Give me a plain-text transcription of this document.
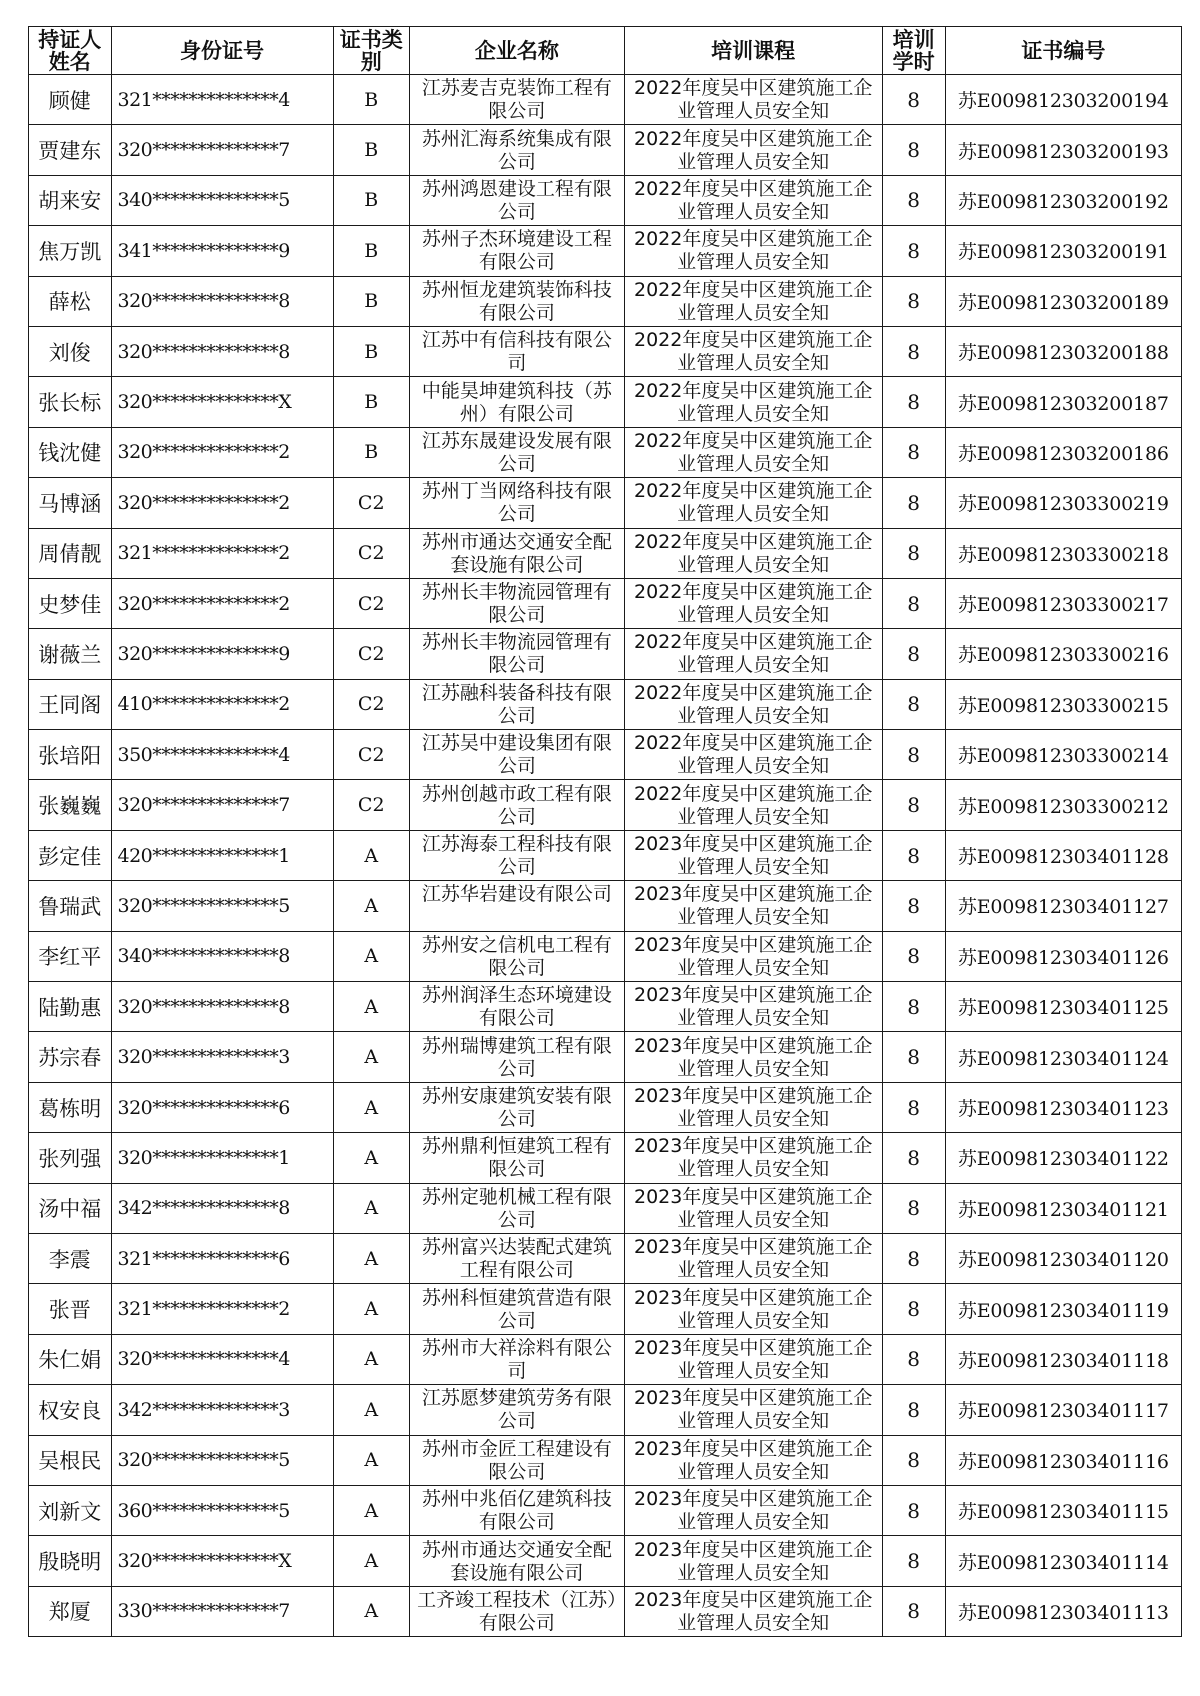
持证人姓名	身份证号	证书类别	企业名称	培训课程	培训学时	证书编号
顾健	321**************4	B	江苏麦吉克装饰工程有限公司	2022年度吴中区建筑施工企业管理人员安全知	8	苏E009812303200194
贾建东	320**************7	B	苏州汇海系统集成有限公司	2022年度吴中区建筑施工企业管理人员安全知	8	苏E009812303200193
胡来安	340**************5	B	苏州鸿恩建设工程有限公司	2022年度吴中区建筑施工企业管理人员安全知	8	苏E009812303200192
焦万凯	341**************9	B	苏州子杰环境建设工程有限公司	2022年度吴中区建筑施工企业管理人员安全知	8	苏E009812303200191
薛松	320**************8	B	苏州恒龙建筑装饰科技有限公司	2022年度吴中区建筑施工企业管理人员安全知	8	苏E009812303200189
刘俊	320**************8	B	江苏中有信科技有限公司	2022年度吴中区建筑施工企业管理人员安全知	8	苏E009812303200188
张长标	320**************X	B	中能昊坤建筑科技（苏州）有限公司	2022年度吴中区建筑施工企业管理人员安全知	8	苏E009812303200187
钱沈健	320**************2	B	江苏东晟建设发展有限公司	2022年度吴中区建筑施工企业管理人员安全知	8	苏E009812303200186
马博涵	320**************2	C2	苏州丁当网络科技有限公司	2022年度吴中区建筑施工企业管理人员安全知	8	苏E009812303300219
周倩靓	321**************2	C2	苏州市通达交通安全配套设施有限公司	2022年度吴中区建筑施工企业管理人员安全知	8	苏E009812303300218
史梦佳	320**************2	C2	苏州长丰物流园管理有限公司	2022年度吴中区建筑施工企业管理人员安全知	8	苏E009812303300217
谢薇兰	320**************9	C2	苏州长丰物流园管理有限公司	2022年度吴中区建筑施工企业管理人员安全知	8	苏E009812303300216
王同阁	410**************2	C2	江苏融科装备科技有限公司	2022年度吴中区建筑施工企业管理人员安全知	8	苏E009812303300215
张培阳	350**************4	C2	江苏吴中建设集团有限公司	2022年度吴中区建筑施工企业管理人员安全知	8	苏E009812303300214
张巍巍	320**************7	C2	苏州创越市政工程有限公司	2022年度吴中区建筑施工企业管理人员安全知	8	苏E009812303300212
彭定佳	420**************1	A	江苏海泰工程科技有限公司	2023年度吴中区建筑施工企业管理人员安全知	8	苏E009812303401128
鲁瑞武	320**************5	A	江苏华岩建设有限公司	2023年度吴中区建筑施工企业管理人员安全知	8	苏E009812303401127
李红平	340**************8	A	苏州安之信机电工程有限公司	2023年度吴中区建筑施工企业管理人员安全知	8	苏E009812303401126
陆勤惠	320**************8	A	苏州润泽生态环境建设有限公司	2023年度吴中区建筑施工企业管理人员安全知	8	苏E009812303401125
苏宗春	320**************3	A	苏州瑞博建筑工程有限公司	2023年度吴中区建筑施工企业管理人员安全知	8	苏E009812303401124
葛栋明	320**************6	A	苏州安康建筑安装有限公司	2023年度吴中区建筑施工企业管理人员安全知	8	苏E009812303401123
张列强	320**************1	A	苏州鼎利恒建筑工程有限公司	2023年度吴中区建筑施工企业管理人员安全知	8	苏E009812303401122
汤中福	342**************8	A	苏州定驰机械工程有限公司	2023年度吴中区建筑施工企业管理人员安全知	8	苏E009812303401121
李震	321**************6	A	苏州富兴达装配式建筑工程有限公司	2023年度吴中区建筑施工企业管理人员安全知	8	苏E009812303401120
张晋	321**************2	A	苏州科恒建筑营造有限公司	2023年度吴中区建筑施工企业管理人员安全知	8	苏E009812303401119
朱仁娟	320**************4	A	苏州市大祥涂料有限公司	2023年度吴中区建筑施工企业管理人员安全知	8	苏E009812303401118
权安良	342**************3	A	江苏愿梦建筑劳务有限公司	2023年度吴中区建筑施工企业管理人员安全知	8	苏E009812303401117
吴根民	320**************5	A	苏州市金匠工程建设有限公司	2023年度吴中区建筑施工企业管理人员安全知	8	苏E009812303401116
刘新文	360**************5	A	苏州中兆佰亿建筑科技有限公司	2023年度吴中区建筑施工企业管理人员安全知	8	苏E009812303401115
殷晓明	320**************X	A	苏州市通达交通安全配套设施有限公司	2023年度吴中区建筑施工企业管理人员安全知	8	苏E009812303401114
郑厦	330**************7	A	工齐竣工程技术（江苏）有限公司	2023年度吴中区建筑施工企业管理人员安全知	8	苏E009812303401113
